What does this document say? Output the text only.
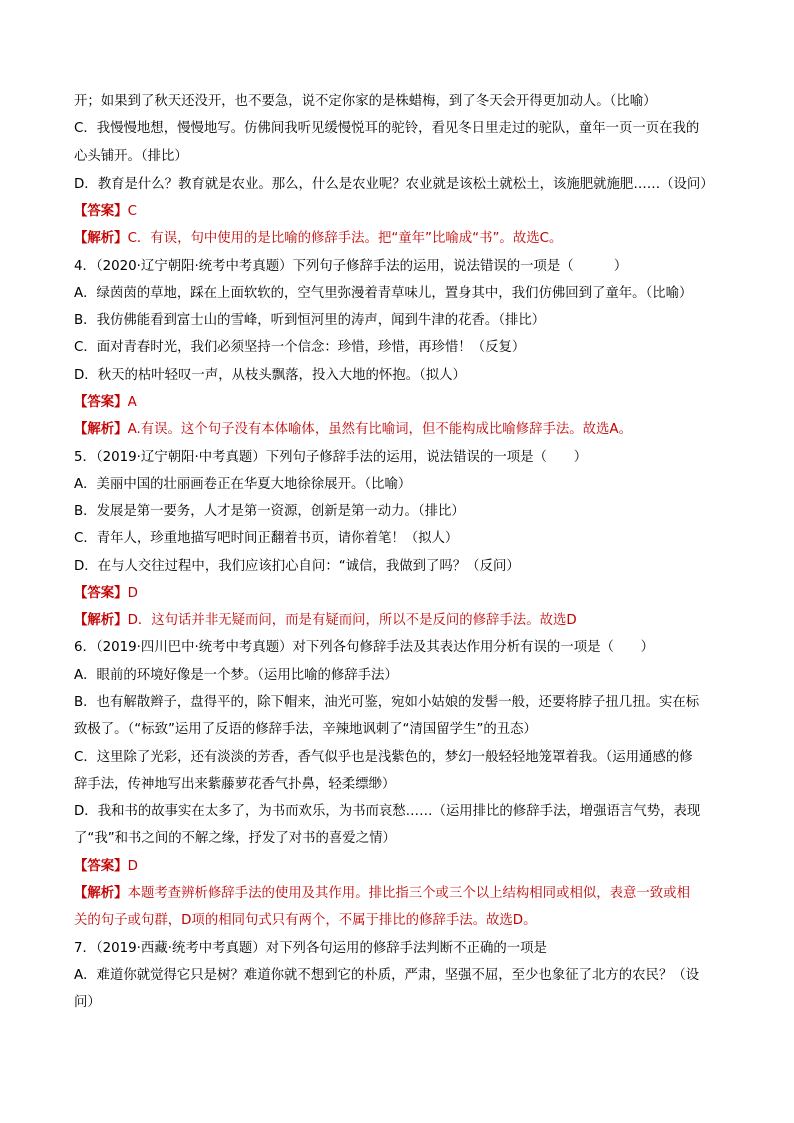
开；如果到了秋天还没开，也不要急，说不定你家的是株蜡梅，到了冬天会开得更加动人。（比喻）
C．我慢慢地想，慢慢地写。仿佛间我听见缓慢悦耳的驼铃，看见冬日里走过的驼队，童年一页一页在我的
心头铺开。（排比）
D．教育是什么？教育就是农业。那么，什么是农业呢？农业就是该松土就松土，该施肥就施肥……（设问）
【答案】C
【解析】C．有误，句中使用的是比喻的修辞手法。把“童年”比喻成“书”。故选C。
4．（2020·辽宁朝阳·统考中考真题）下列句子修辞手法的运用，说法错误的一项是（　　　）
A．绿茵茵的草地，踩在上面软软的，空气里弥漫着青草味儿，置身其中，我们仿佛回到了童年。（比喻）
B．我仿佛能看到富士山的雪峰，听到恒河里的涛声，闻到牛津的花香。（排比）
C．面对青春时光，我们必须坚持一个信念：珍惜，珍惜，再珍惜！（反复）
D．秋天的枯叶轻叹一声，从枝头飘落，投入大地的怀抱。（拟人）
【答案】A
【解析】A.有误。这个句子没有本体喻体，虽然有比喻词，但不能构成比喻修辞手法。故选A。
5．（2019·辽宁朝阳·中考真题）下列句子修辞手法的运用，说法错误的一项是（　　）
A．美丽中国的壮丽画卷正在华夏大地徐徐展开。（比喻）
B．发展是第一要务，人才是第一资源，创新是第一动力。（排比）
C．青年人，珍重地描写吧时间正翻着书页，请你着笔！（拟人）
D．在与人交往过程中，我们应该扪心自问：“诚信，我做到了吗？（反问）
【答案】D
【解析】D．这句话并非无疑而问，而是有疑而问，所以不是反问的修辞手法。故选D
6．（2019·四川巴中·统考中考真题）对下列各句修辞手法及其表达作用分析有误的一项是（　　）
A．眼前的环境好像是一个梦。（运用比喻的修辞手法）
B．也有解散辫子，盘得平的，除下帽来，油光可鉴，宛如小姑娘的发髻一般，还要将脖子扭几扭。实在标
致极了。（“标致”运用了反语的修辞手法，辛辣地讽刺了“清国留学生”的丑态）
C．这里除了光彩，还有淡淡的芳香，香气似乎也是浅紫色的，梦幻一般轻轻地笼罩着我。（运用通感的修
辞手法，传神地写出来紫藤萝花香气扑鼻，轻柔缥缈）
D．我和书的故事实在太多了，为书而欢乐，为书而哀愁……（运用排比的修辞手法，增强语言气势，表现
了“我”和书之间的不解之缘，抒发了对书的喜爱之情）
【答案】D
【解析】本题考查辨析修辞手法的使用及其作用。排比指三个或三个以上结构相同或相似，表意一致或相
关的句子或句群，D项的相同句式只有两个，不属于排比的修辞手法。故选D。
7．（2019·西藏·统考中考真题）对下列各句运用的修辞手法判断不正确的一项是
A．难道你就觉得它只是树？难道你就不想到它的朴质，严肃，坚强不屈，至少也象征了北方的农民？（设
问）
